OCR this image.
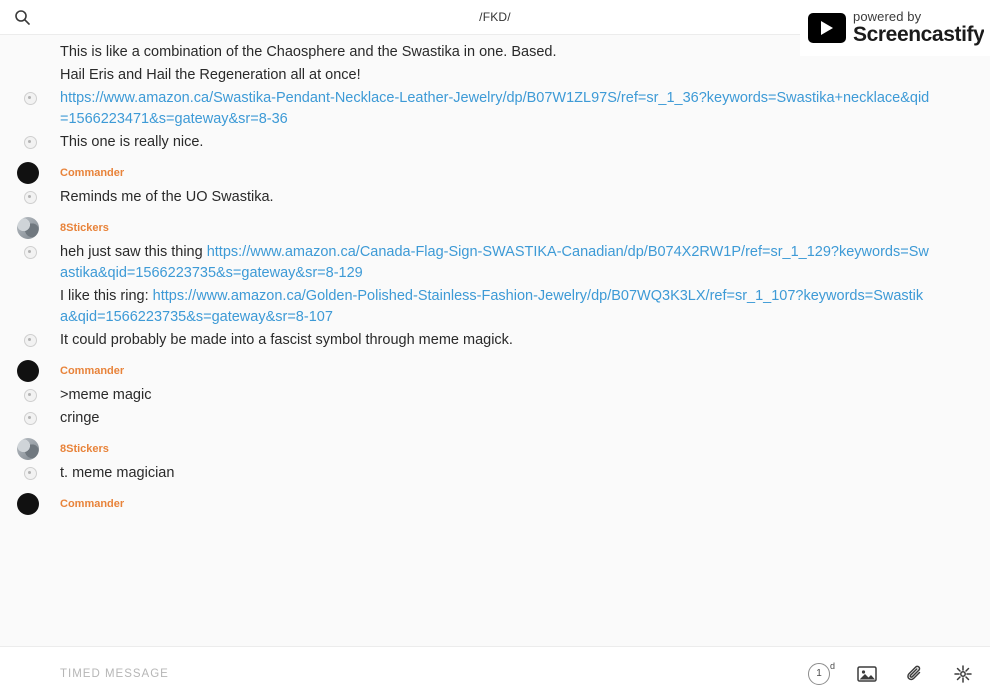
/FKD/	powered by
Screencastify
This is like a combination of the Chaosphere and the Swastika in one. Based.
Hail Eris and Hail the Regeneration all at once!
https://www.amazon.ca/Swastika-Pendant-Necklace-Leather-Jewelry/dp/B07W1ZL97S/ref=sr_1_36?keywords=Swastika+necklace&qid=1566223471&s=gateway&sr=8-36
This one is really nice.
Commander
Reminds me of the UO Swastika.
8Stickers
heh just saw this thing https://www.amazon.ca/Canada-Flag-Sign-SWASTIKA-Canadian/dp/B074X2RW1P/ref=sr_1_129?keywords=Swastika&qid=1566223735&s=gateway&sr=8-129
I like this ring: https://www.amazon.ca/Golden-Polished-Stainless-Fashion-Jewelry/dp/B07WQ3K3LX/ref=sr_1_107?keywords=Swastika&qid=1566223735&s=gateway&sr=8-107
It could probably be made into a fascist symbol through meme magick.
Commander
>meme magic
cringe
8Stickers
t. meme magician
Commander
TIMED MESSAGE	1
d
